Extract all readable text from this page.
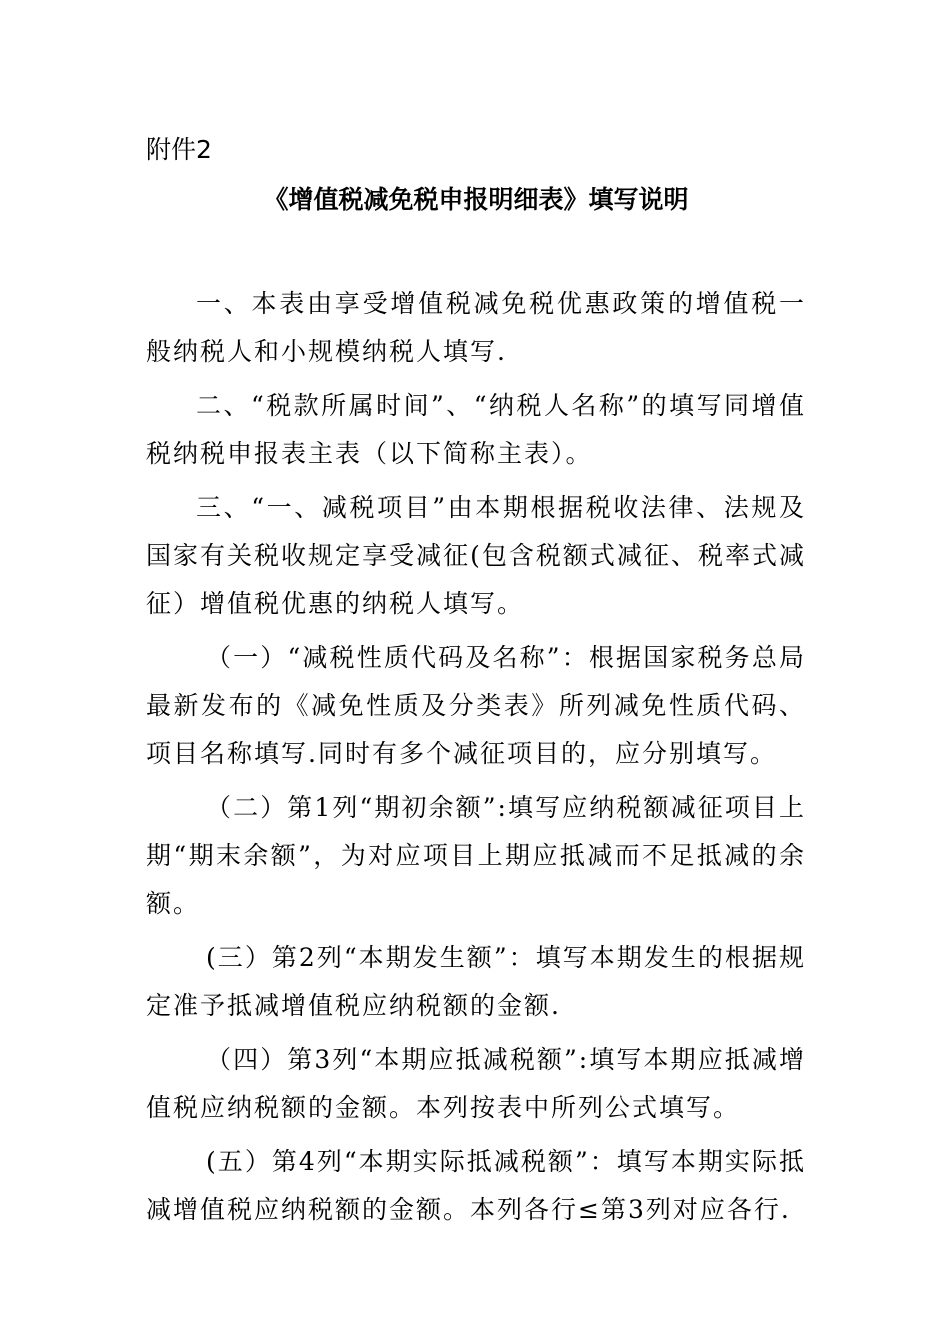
附件2
《增值税减免税申报明细表》填写说明

一、本表由享受增值税减免税优惠政策的增值税一般纳税人和小规模纳税人填写.

二、“税款所属时间”、“纳税人名称”的填写同增值税纳税申报表主表（以下简称主表）。

三、“一、减税项目”由本期根据税收法律、法规及国家有关税收规定享受减征(包含税额式减征、税率式减征）增值税优惠的纳税人填写。

（一）“减税性质代码及名称”：根据国家税务总局最新发布的《减免性质及分类表》所列减免性质代码、项目名称填写.同时有多个减征项目的，应分别填写。

（二）第1列“期初余额”:填写应纳税额减征项目上期“期末余额”，为对应项目上期应抵减而不足抵减的余额。

(三）第2列“本期发生额”：填写本期发生的根据规定准予抵减增值税应纳税额的金额.

（四）第3列“本期应抵减税额”:填写本期应抵减增值税应纳税额的金额。本列按表中所列公式填写。

(五）第4列“本期实际抵减税额”：填写本期实际抵减增值税应纳税额的金额。本列各行≤第3列对应各行.
